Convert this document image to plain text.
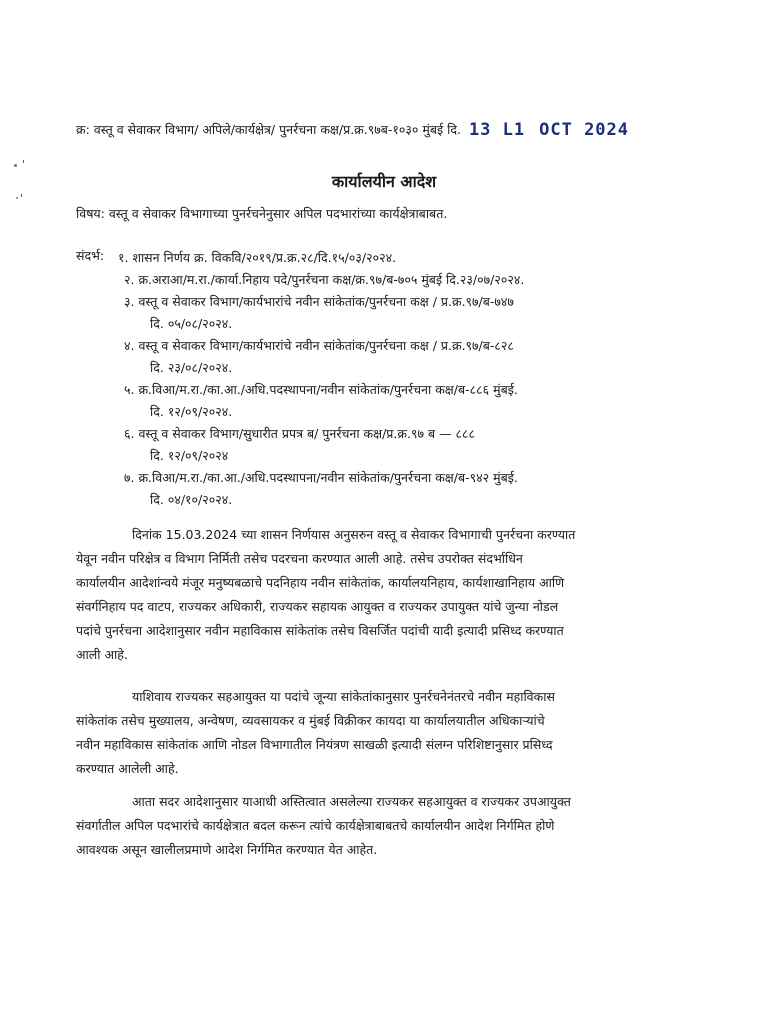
'
'
क्र: वस्तू व सेवाकर विभाग/ अपिले/कार्यक्षेत्र/ पुनर्रचना कक्ष/प्र.क्र.९७ब-१०३० मुंबई दि. 13 L1 OCT 2024
कार्यालयीन आदेश
विषय: वस्तू व सेवाकर विभागाच्या पुनर्रचनेनुसार अपिल पदभारांच्या कार्यक्षेत्राबाबत.
संदर्भ: १. शासन निर्णय क्र. विकवि/२०१९/प्र.क्र.२८/दि.१५/०३/२०२४.
२. क्र.अराआ/म.रा./कार्या.निहाय पदे/पुनर्रचना कक्ष/क्र.९७/ब-७०५ मुंबई दि.२३/०७/२०२४.
३. वस्तू व सेवाकर विभाग/कार्यभारांचे नवीन सांकेतांक/पुनर्रचना कक्ष / प्र.क्र.९७/ब-७४७
दि. ०५/०८/२०२४.
४. वस्तू व सेवाकर विभाग/कार्यभारांचे नवीन सांकेतांक/पुनर्रचना कक्ष / प्र.क्र.९७/ब-८२८
दि. २३/०८/२०२४.
५. क्र.विआ/म.रा./का.आ./अधि.पदस्थापना/नवीन सांकेतांक/पुनर्रचना कक्ष/ब-८८६ मुंबई.
दि. १२/०९/२०२४.
६. वस्तू व सेवाकर विभाग/सुधारीत प्रपत्र ब/ पुनर्रचना कक्ष/प्र.क्र.९७ ब — ८८८
दि. १२/०९/२०२४
७. क्र.विआ/म.रा./का.आ./अधि.पदस्थापना/नवीन सांकेतांक/पुनर्रचना कक्ष/ब-९४२ मुंबई.
दि. ०४/१०/२०२४.
दिनांक 15.03.2024 च्या शासन निर्णयास अनुसरुन वस्तू व सेवाकर विभागाची पुनर्रचना करण्यात
येवून नवीन परिक्षेत्र व विभाग निर्मिती तसेच पदरचना करण्यात आली आहे. तसेच उपरोक्त संदर्भाधिन
कार्यालयीन आदेशांन्वये मंजूर मनुष्यबळाचे पदनिहाय नवीन सांकेतांक, कार्यालयनिहाय, कार्यशाखानिहाय आणि
संवर्गनिहाय पद वाटप, राज्यकर अधिकारी, राज्यकर सहायक आयुक्त व राज्यकर उपायुक्त यांचे जुन्या नोडल
पदांचे पुनर्रचना आदेशानुसार नवीन महाविकास सांकेतांक तसेच विसर्जित पदांची यादी इत्यादी प्रसिध्द करण्यात
आली आहे.
याशिवाय राज्यकर सहआयुक्त या पदांचे जून्या सांकेतांकानुसार पुनर्रचनेनंतरचे नवीन महाविकास
सांकेतांक तसेच मुख्यालय, अन्वेषण, व्यवसायकर व मुंबई विक्रीकर कायदा या कार्यालयातील अधिकाऱ्यांचे
नवीन महाविकास सांकेतांक आणि नोडल विभागातील नियंत्रण साखळी इत्यादी संलग्न परिशिष्टानुसार प्रसिध्द
करण्यात आलेली आहे.
आता सदर आदेशानुसार याआधी अस्तित्वात असलेल्या राज्यकर सहआयुक्त व राज्यकर उपआयुक्त
संवर्गातील अपिल पदभारांचे कार्यक्षेत्रात बदल करून त्यांचे कार्यक्षेत्राबाबतचे कार्यालयीन आदेश निर्गमित होणे
आवश्यक असून खालीलप्रमाणे आदेश निर्गमित करण्यात येत आहेत.
